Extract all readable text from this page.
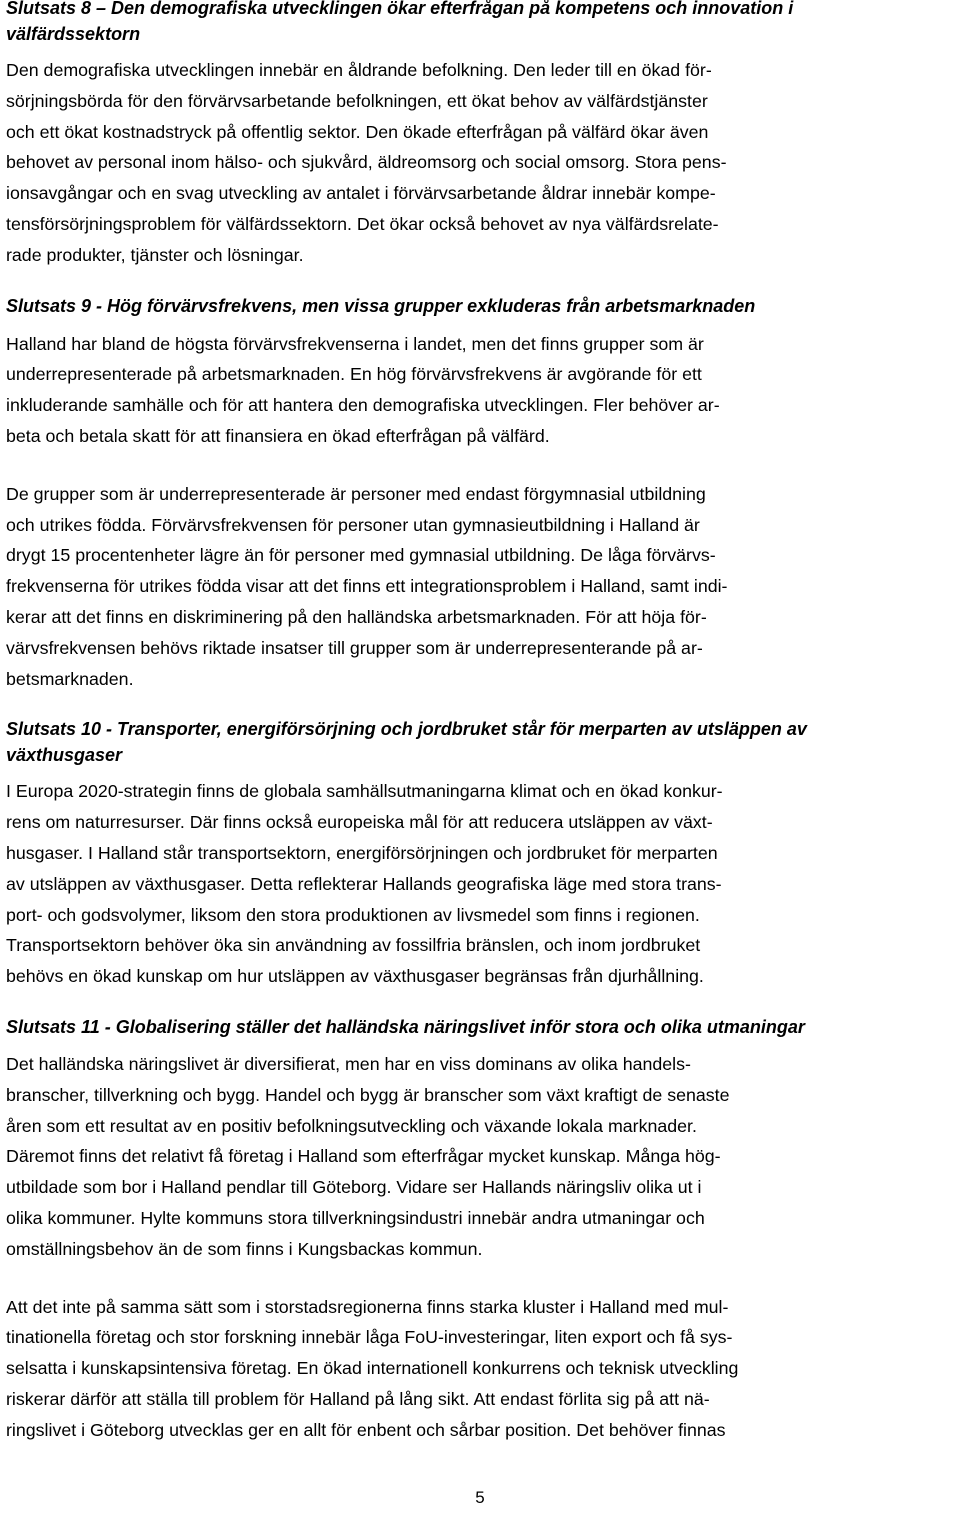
Slutsats 8 – Den demografiska utvecklingen ökar efterfrågan på kompetens och innovation i
välfärdssektorn

Den demografiska utvecklingen innebär en åldrande befolkning. Den leder till en ökad för-
sörjningsbörda för den förvärvsarbetande befolkningen, ett ökat behov av välfärdstjänster
och ett ökat kostnadstryck på offentlig sektor. Den ökade efterfrågan på välfärd ökar även
behovet av personal inom hälso- och sjukvård, äldreomsorg och social omsorg. Stora pens-
ionsavgångar och en svag utveckling av antalet i förvärvsarbetande åldrar innebär kompe-
tensförsörjningsproblem för välfärdssektorn. Det ökar också behovet av nya välfärdsrelate-
rade produkter, tjänster och lösningar.

Slutsats 9 - Hög förvärvsfrekvens, men vissa grupper exkluderas från arbetsmarknaden

Halland har bland de högsta förvärvsfrekvenserna i landet, men det finns grupper som är
underrepresenterade på arbetsmarknaden. En hög förvärvsfrekvens är avgörande för ett
inkluderande samhälle och för att hantera den demografiska utvecklingen. Fler behöver ar-
beta och betala skatt för att finansiera en ökad efterfrågan på välfärd.

De grupper som är underrepresenterade är personer med endast förgymnasial utbildning
och utrikes födda. Förvärvsfrekvensen för personer utan gymnasieutbildning i Halland är
drygt 15 procentenheter lägre än för personer med gymnasial utbildning. De låga förvärvs-
frekvenserna för utrikes födda visar att det finns ett integrationsproblem i Halland, samt indi-
kerar att det finns en diskriminering på den halländska arbetsmarknaden. För att höja för-
värvsfrekvensen behövs riktade insatser till grupper som är underrepresenterande på ar-
betsmarknaden.

Slutsats 10 - Transporter, energiförsörjning och jordbruket står för merparten av utsläppen av
växthusgaser

I Europa 2020-strategin finns de globala samhällsutmaningarna klimat och en ökad konkur-
rens om naturresurser. Där finns också europeiska mål för att reducera utsläppen av växt-
husgaser. I Halland står transportsektorn, energiförsörjningen och jordbruket för merparten
av utsläppen av växthusgaser. Detta reflekterar Hallands geografiska läge med stora trans-
port- och godsvolymer, liksom den stora produktionen av livsmedel som finns i regionen.
Transportsektorn behöver öka sin användning av fossilfria bränslen, och inom jordbruket
behövs en ökad kunskap om hur utsläppen av växthusgaser begränsas från djurhållning.

Slutsats 11 - Globalisering ställer det halländska näringslivet inför stora och olika utmaningar

Det halländska näringslivet är diversifierat, men har en viss dominans av olika handels-
branscher, tillverkning och bygg. Handel och bygg är branscher som växt kraftigt de senaste
åren som ett resultat av en positiv befolkningsutveckling och växande lokala marknader.
Däremot finns det relativt få företag i Halland som efterfrågar mycket kunskap. Många hög-
utbildade som bor i Halland pendlar till Göteborg. Vidare ser Hallands näringsliv olika ut i
olika kommuner. Hylte kommuns stora tillverkningsindustri innebär andra utmaningar och
omställningsbehov än de som finns i Kungsbackas kommun.

Att det inte på samma sätt som i storstadsregionerna finns starka kluster i Halland med mul-
tinationella företag och stor forskning innebär låga FoU-investeringar, liten export och få sys-
selsatta i kunskapsintensiva företag. En ökad internationell konkurrens och teknisk utveckling
riskerar därför att ställa till problem för Halland på lång sikt. Att endast förlita sig på att nä-
ringslivet i Göteborg utvecklas ger en allt för enbent och sårbar position. Det behöver finnas

5
